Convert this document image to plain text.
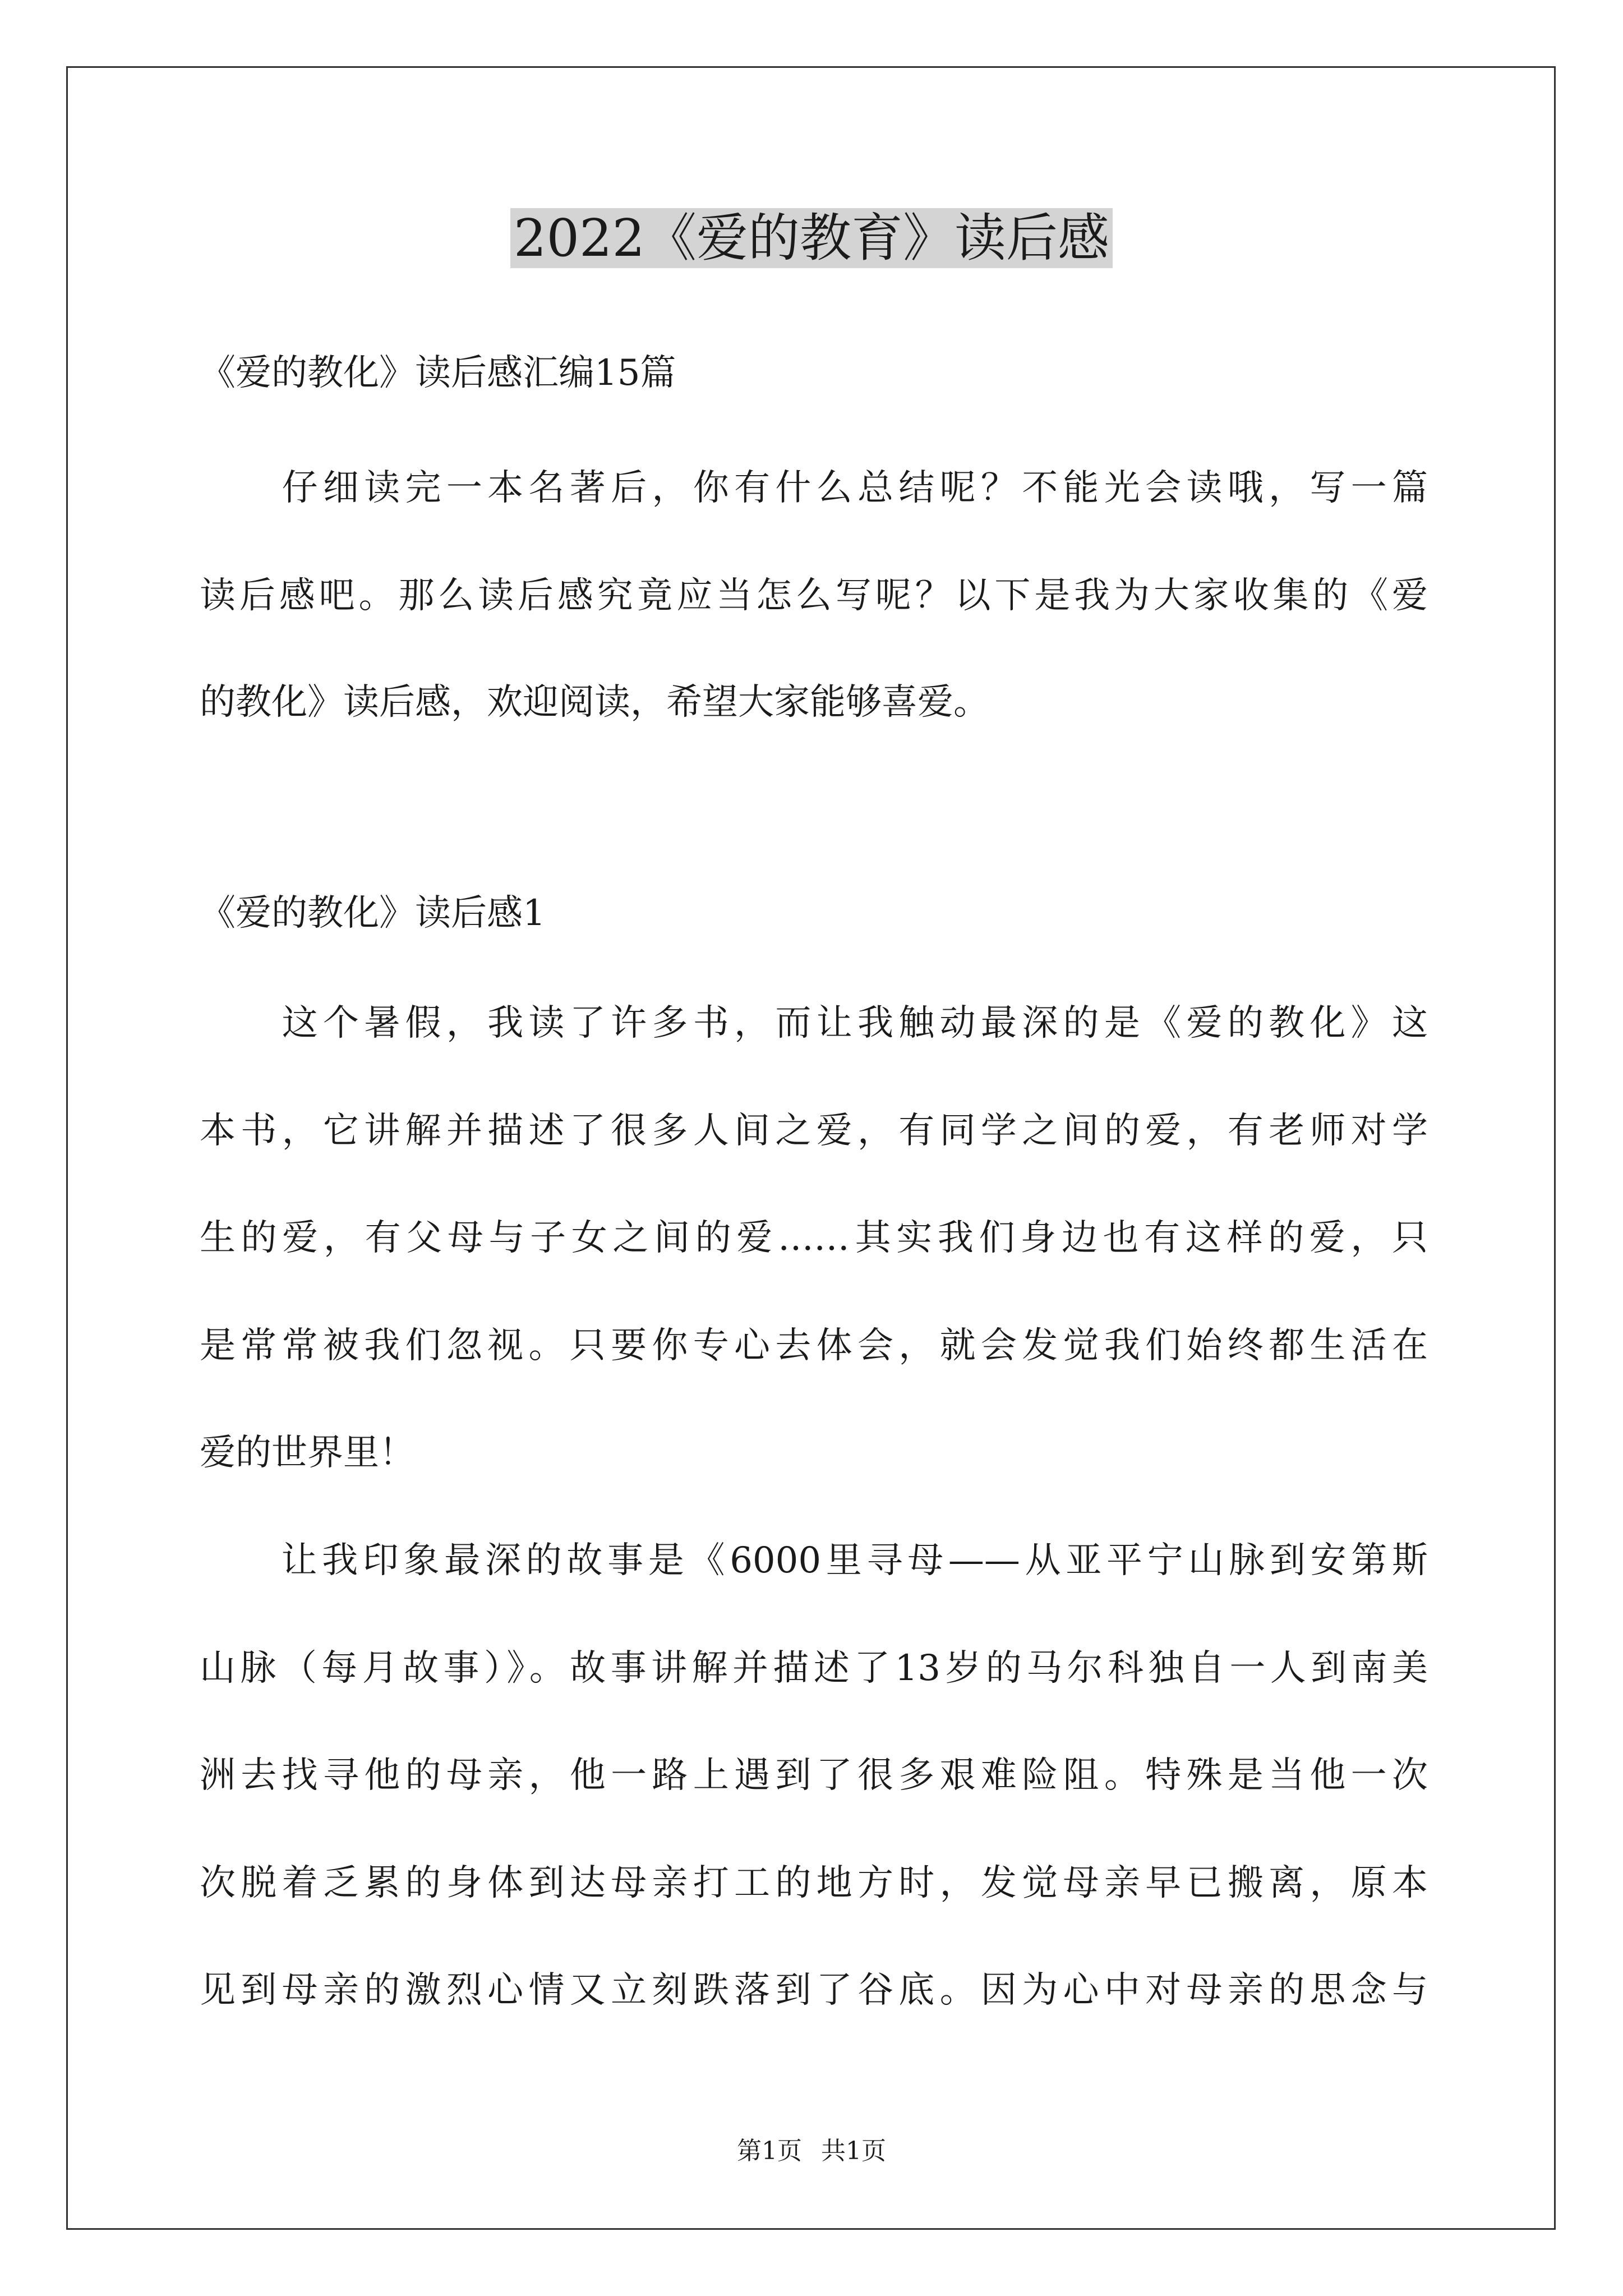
2022《爱的教育》读后感

《爱的教化》读后感汇编15篇

　　仔细读完一本名著后，你有什么总结呢？不能光会读哦，写一篇

读后感吧。那么读后感究竟应当怎么写呢？以下是我为大家收集的《爱

的教化》读后感，欢迎阅读，希望大家能够喜爱。

《爱的教化》读后感1

　　这个暑假，我读了许多书，而让我触动最深的是《爱的教化》这

本书，它讲解并描述了很多人间之爱，有同学之间的爱，有老师对学

生的爱，有父母与子女之间的爱……其实我们身边也有这样的爱，只

是常常被我们忽视。只要你专心去体会，就会发觉我们始终都生活在

爱的世界里！

　　让我印象最深的故事是《6000里寻母——从亚平宁山脉到安第斯

山脉（每月故事）》。故事讲解并描述了13岁的马尔科独自一人到南美

洲去找寻他的母亲，他一路上遇到了很多艰难险阻。特殊是当他一次

次脱着乏累的身体到达母亲打工的地方时，发觉母亲早已搬离，原本

见到母亲的激烈心情又立刻跌落到了谷底。因为心中对母亲的思念与

第1页 共1页
